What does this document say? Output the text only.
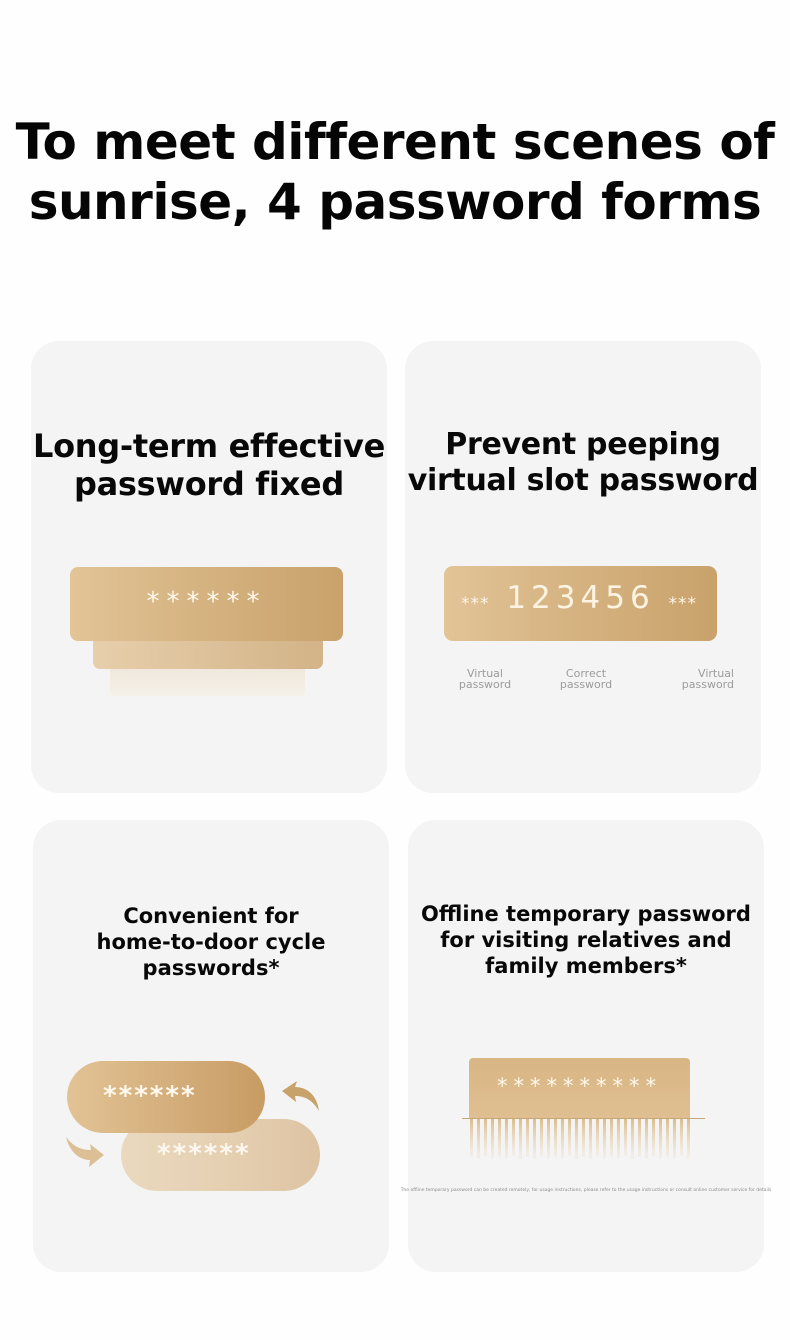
To meet different scenes of
sunrise, 4 password forms
Long-term effective
password fixed
******
Prevent peeping
virtual slot password
*** 123456 ***
Virtual
password
Correct
password
Virtual
password
Convenient for
home-to-door cycle
passwords*
******
******
Offline temporary password
for visiting relatives and
family members*
**********
The offline temporary password can be created remotely, for usage instructions, please refer to the usage instructions or consult online customer service for details
